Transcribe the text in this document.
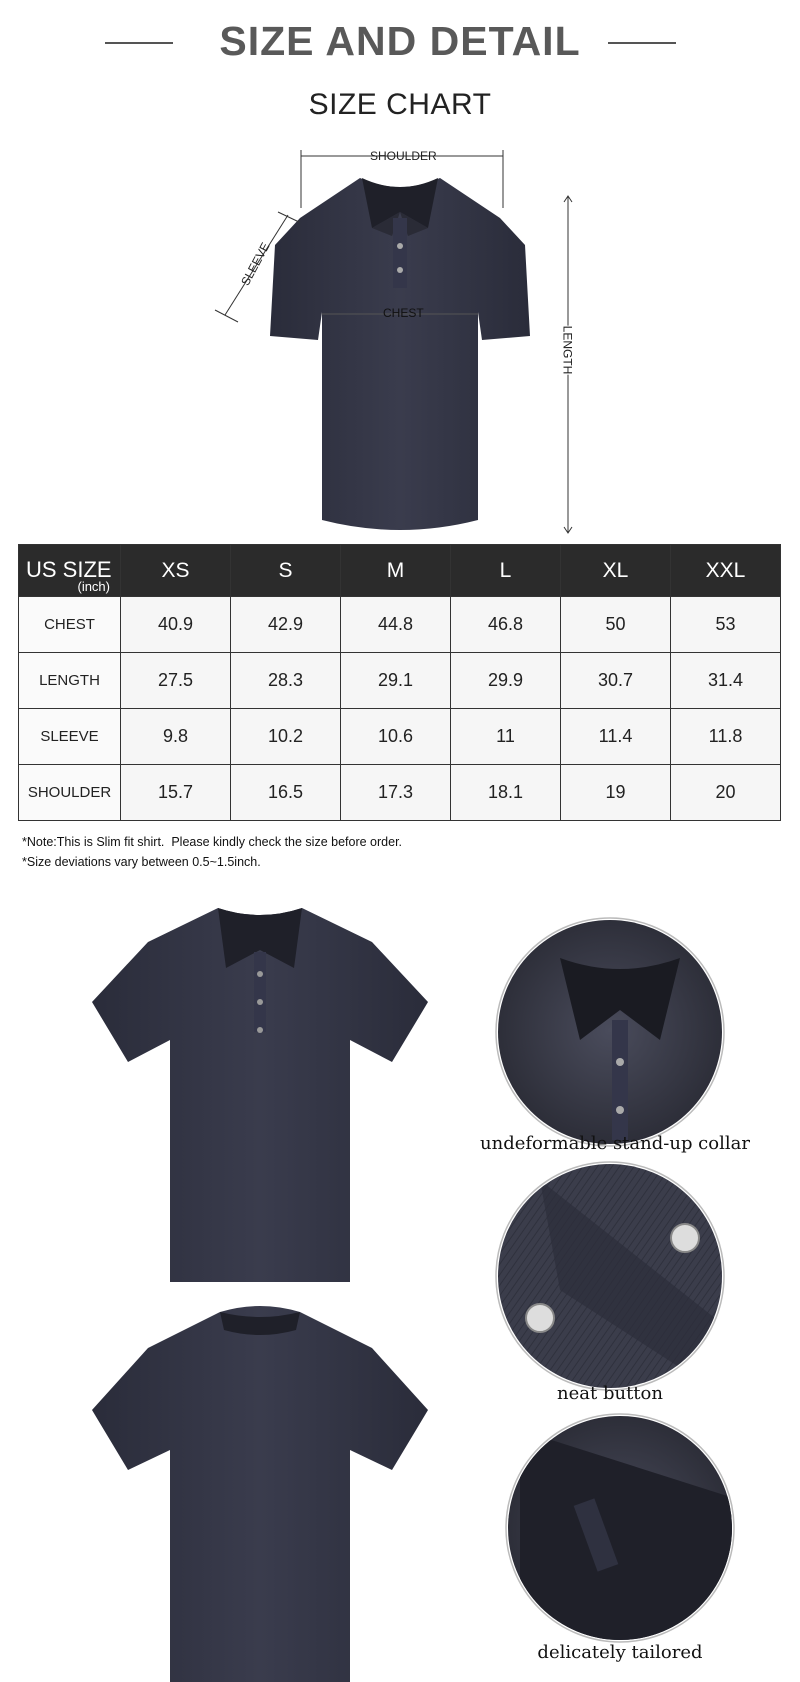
SIZE AND DETAIL
SIZE CHART
SHOULDER
SLEEVE
CHEST
LENGTH
US SIZE
(inch)	XS	S	M	L	XL	XXL
CHEST	40.9	42.9	44.8	46.8	50	53
LENGTH	27.5	28.3	29.1	29.9	30.7	31.4
SLEEVE	9.8	10.2	10.6	11	11.4	11.8
SHOULDER	15.7	16.5	17.3	18.1	19	20
*Note:This is Slim fit shirt.  Please kindly check the size before order.
*Size deviations vary between 0.5~1.5inch.
undeformable stand-up collar
neat button
delicately tailored
